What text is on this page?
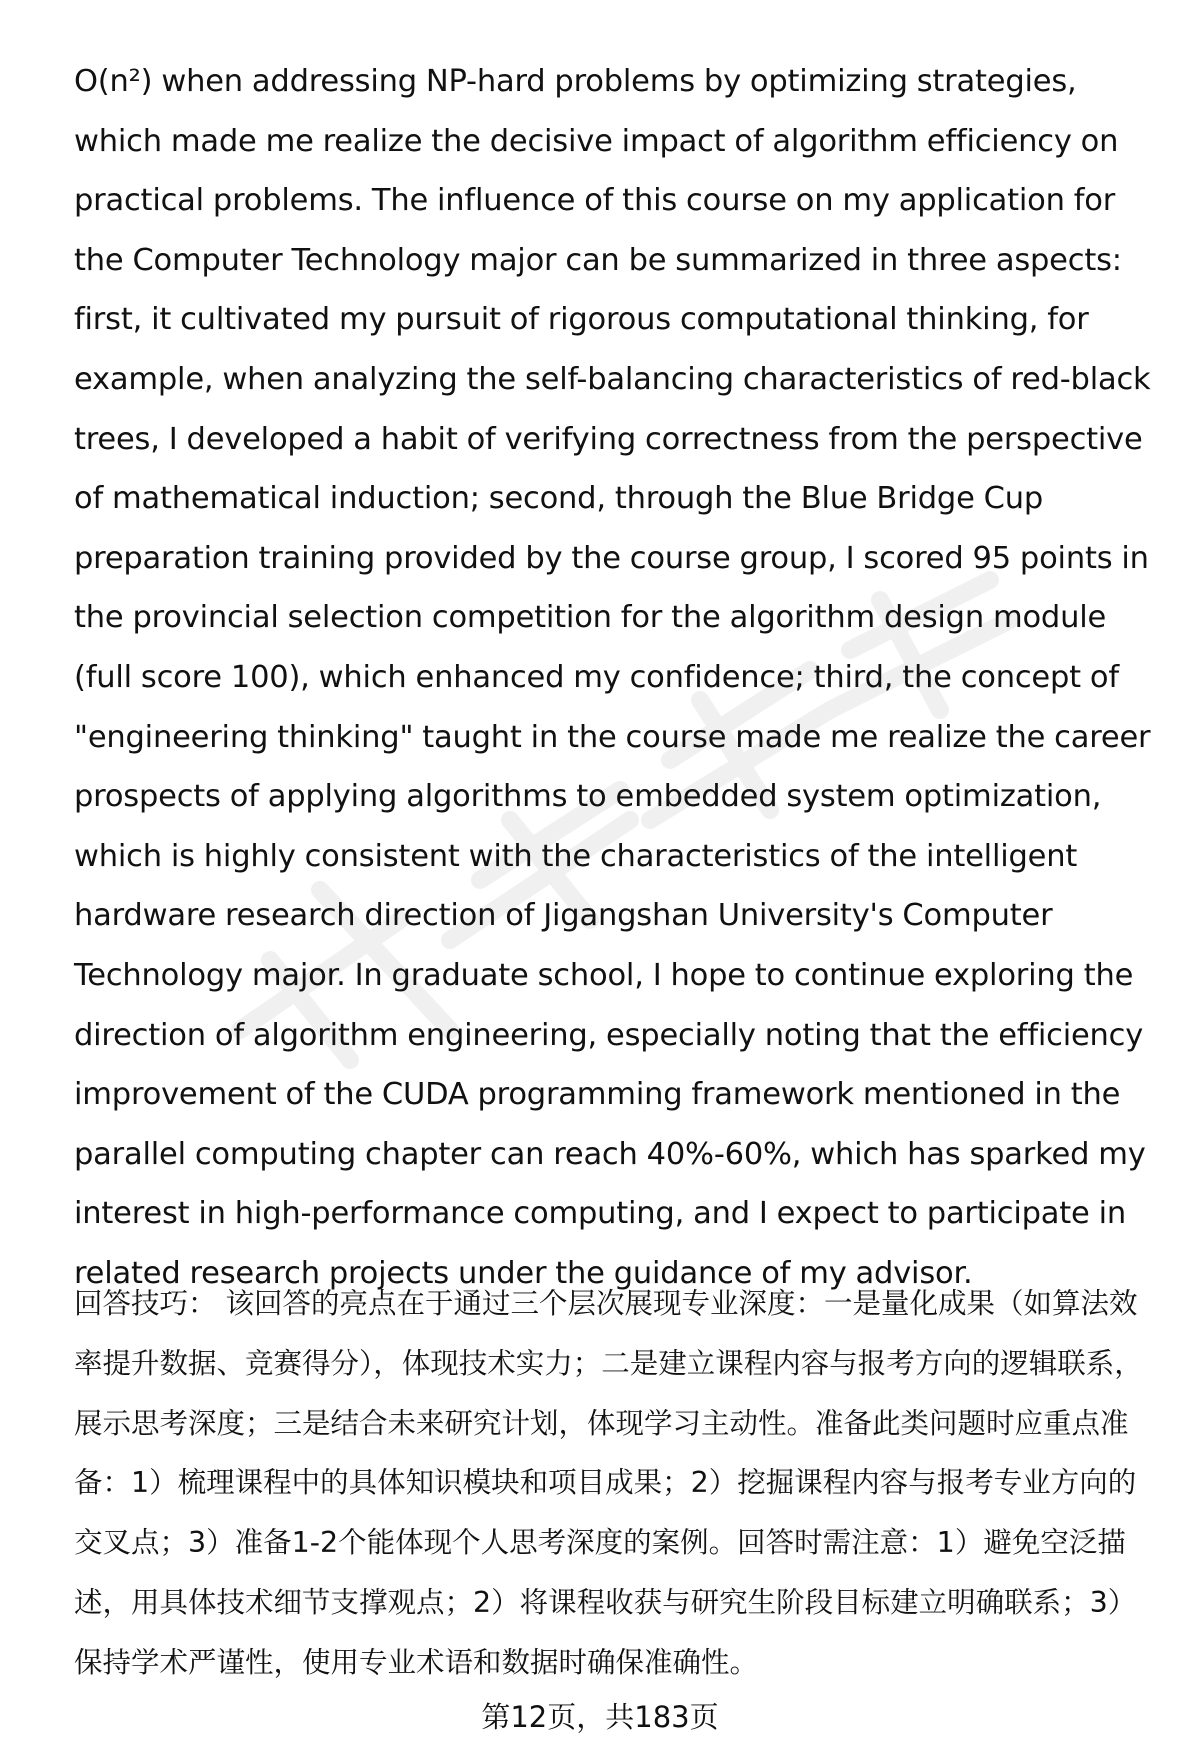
O(n²) when addressing NP-hard problems by optimizing strategies, which made me realize the decisive impact of algorithm efficiency on practical problems. The influence of this course on my application for the Computer Technology major can be summarized in three aspects: first, it cultivated my pursuit of rigorous computational thinking, for example, when analyzing the self-balancing characteristics of red-black trees, I developed a habit of verifying correctness from the perspective of mathematical induction; second, through the Blue Bridge Cup preparation training provided by the course group, I scored 95 points in the provincial selection competition for the algorithm design module (full score 100), which enhanced my confidence; third, the concept of "engineering thinking" taught in the course made me realize the career prospects of applying algorithms to embedded system optimization, which is highly consistent with the characteristics of the intelligent hardware research direction of Jigangshan University's Computer Technology major. In graduate school, I hope to continue exploring the direction of algorithm engineering, especially noting that the efficiency improvement of the CUDA programming framework mentioned in the parallel computing chapter can reach 40%-60%, which has sparked my interest in high-performance computing, and I expect to participate in related research projects under the guidance of my advisor.

回答技巧： 该回答的亮点在于通过三个层次展现专业深度：一是量化成果（如算法效率提升数据、竞赛得分），体现技术实力；二是建立课程内容与报考方向的逻辑联系，展示思考深度；三是结合未来研究计划，体现学习主动性。准备此类问题时应重点准备：1）梳理课程中的具体知识模块和项目成果；2）挖掘课程内容与报考专业方向的交叉点；3）准备1-2个能体现个人思考深度的案例。回答时需注意：1）避免空泛描述，用具体技术细节支撑观点；2）将课程收获与研究生阶段目标建立明确联系；3）保持学术严谨性，使用专业术语和数据时确保准确性。

第12页，共183页
